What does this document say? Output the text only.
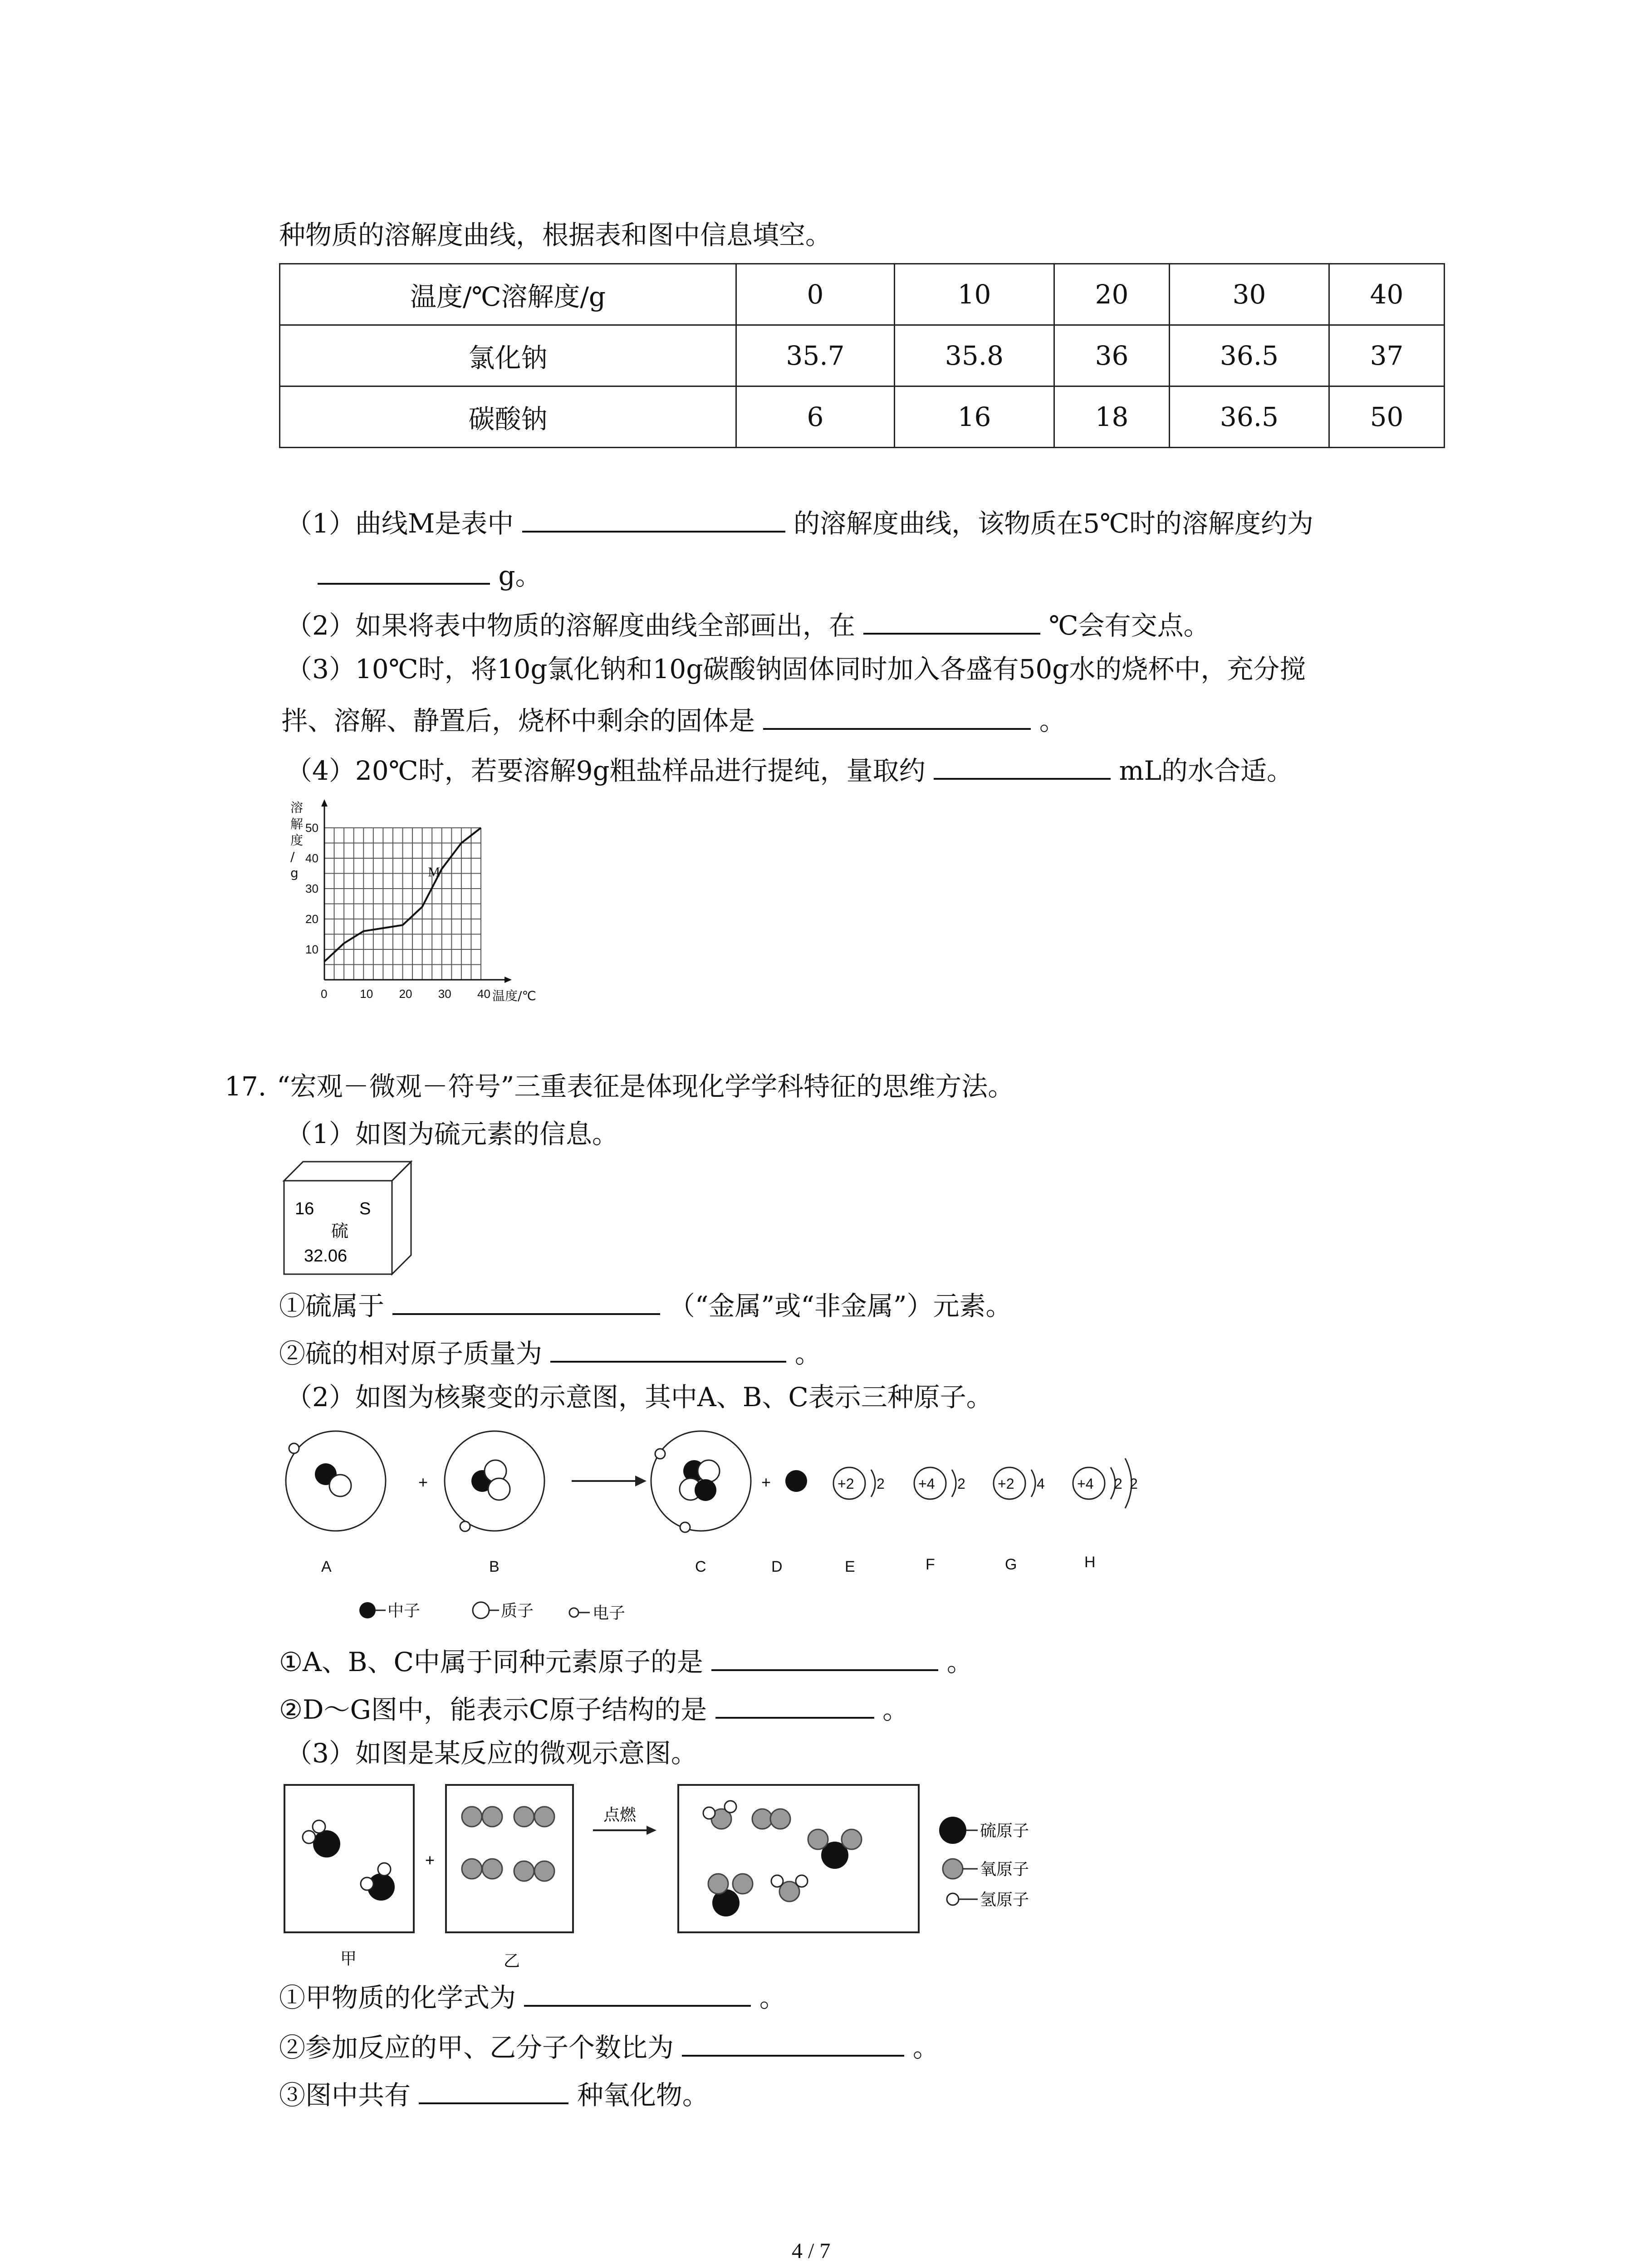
种物质的溶解度曲线，根据表和图中信息填空。
温度/℃溶解度/g	0	10	20	30	40
氯化钠	35.7	35.8	36	36.5	37
碳酸钠	6	16	18	36.5	50
（1）曲线M是表中	的溶解度曲线，该物质在5℃时的溶解度约为
g。
（2）如果将表中物质的溶解度曲线全部画出，在	℃会有交点。
（3）10℃时，将10g氯化钠和10g碳酸钠固体同时加入各盛有50g水的烧杯中，充分搅
拌、溶解、静置后，烧杯中剩余的固体是	。
（4）20℃时，若要溶解9g粗盐样品进行提纯，量取约	mL的水合适。
10
20
30
40
50
0	10 20 30 40
溶解度/ g
温度/℃
M
17. “宏观－微观－符号”三重表征是体现化学学科特征的思维方法。
（1）如图为硫元素的信息。
16	S
硫
32.06
①硫属于	（“金属”或“非金属”）元素。
②硫的相对原子质量为	。
（2）如图为核聚变的示意图，其中A、B、C表示三种原子。
+	+	+2 2 +4 2 +2 4 +4 2 2
A	B	C	D	E	F	G	H
中子	质子	电子
①A、B、C中属于同种元素原子的是	。
②D～G图中，能表示C原子结构的是	。
（3）如图是某反应的微观示意图。
+
点燃
硫原子
氧原子
氢原子
甲	乙
①甲物质的化学式为	。
②参加反应的甲、乙分子个数比为	。
③图中共有	种氧化物。
4 / 7
